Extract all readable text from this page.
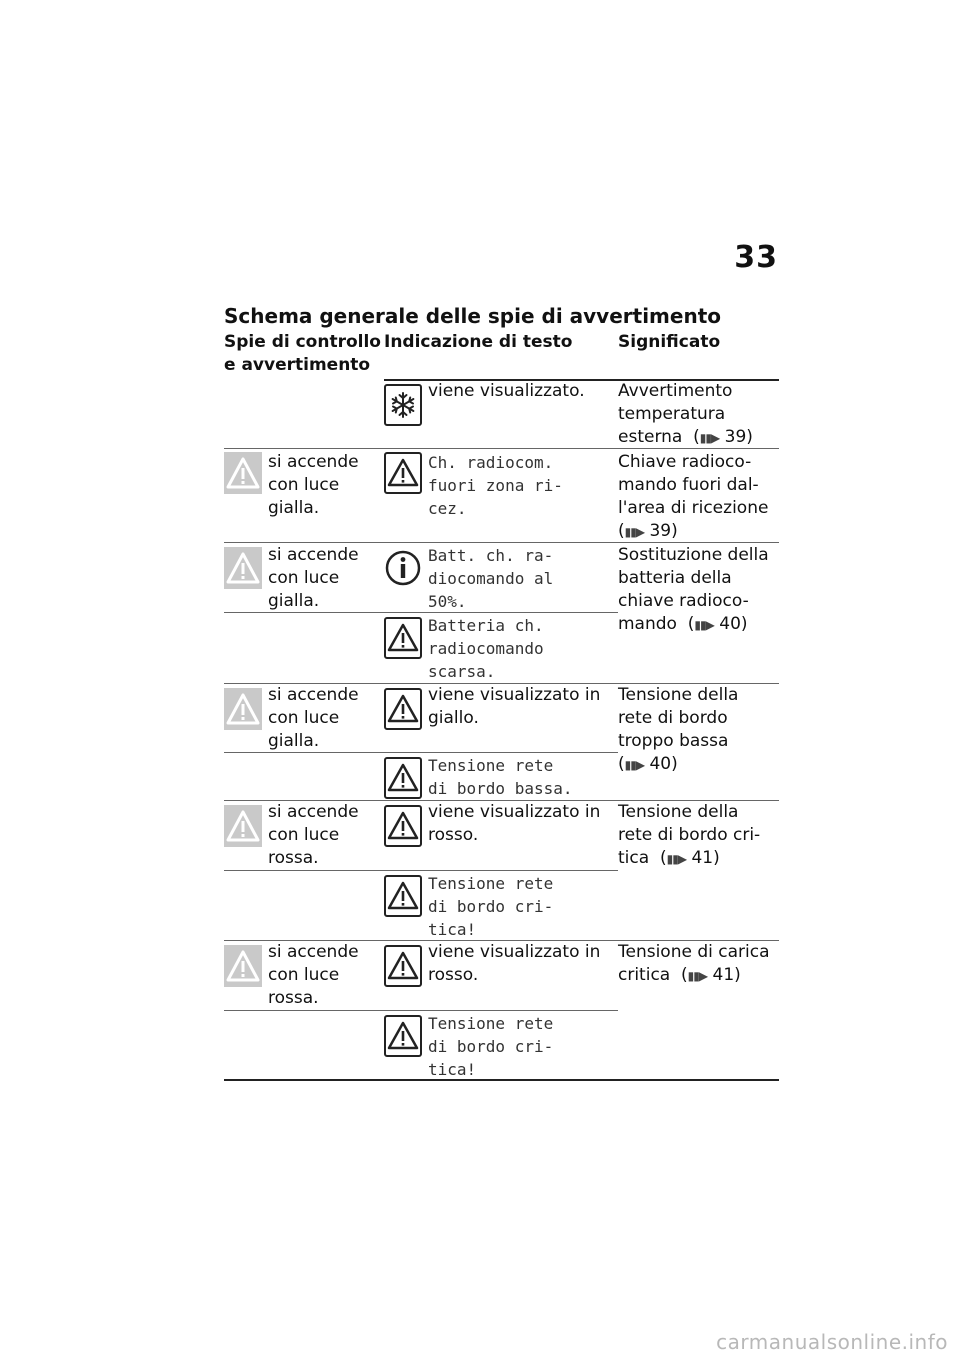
33
Schema generale delle spie di avvertimento
Spie di controllo
e avvertimento
Indicazione di testo	Significato
viene visualizzato. Avvertimento
temperatura
esterna  (▮▮▶ 39)
si accende
con luce
gialla.
Ch. radiocom.
fuori zona ri-
cez.
Chiave radioco-
mando fuori dal-
l'area di ricezione
(▮▮▶ 39)
si accende
con luce
gialla.
Batt. ch. ra-
diocomando al
50%.
Sostituzione della
batteria della
chiave radioco-
mando  (▮▮▶ 40)
Batteria ch.
radiocomando
scarsa.
si accende
con luce
gialla.
viene visualizzato in
giallo.
Tensione della
rete di bordo
troppo bassa
(▮▮▶ 40)
Tensione rete
di bordo bassa.
si accende
con luce
rossa.
viene visualizzato in
rosso.
Tensione della
rete di bordo cri-
tica  (▮▮▶ 41)
Tensione rete
di bordo cri-
tica!
si accende
con luce
rossa.
viene visualizzato in
rosso.
Tensione di carica
critica  (▮▮▶ 41)
Tensione rete
di bordo cri-
tica!
carmanualsonline.info
